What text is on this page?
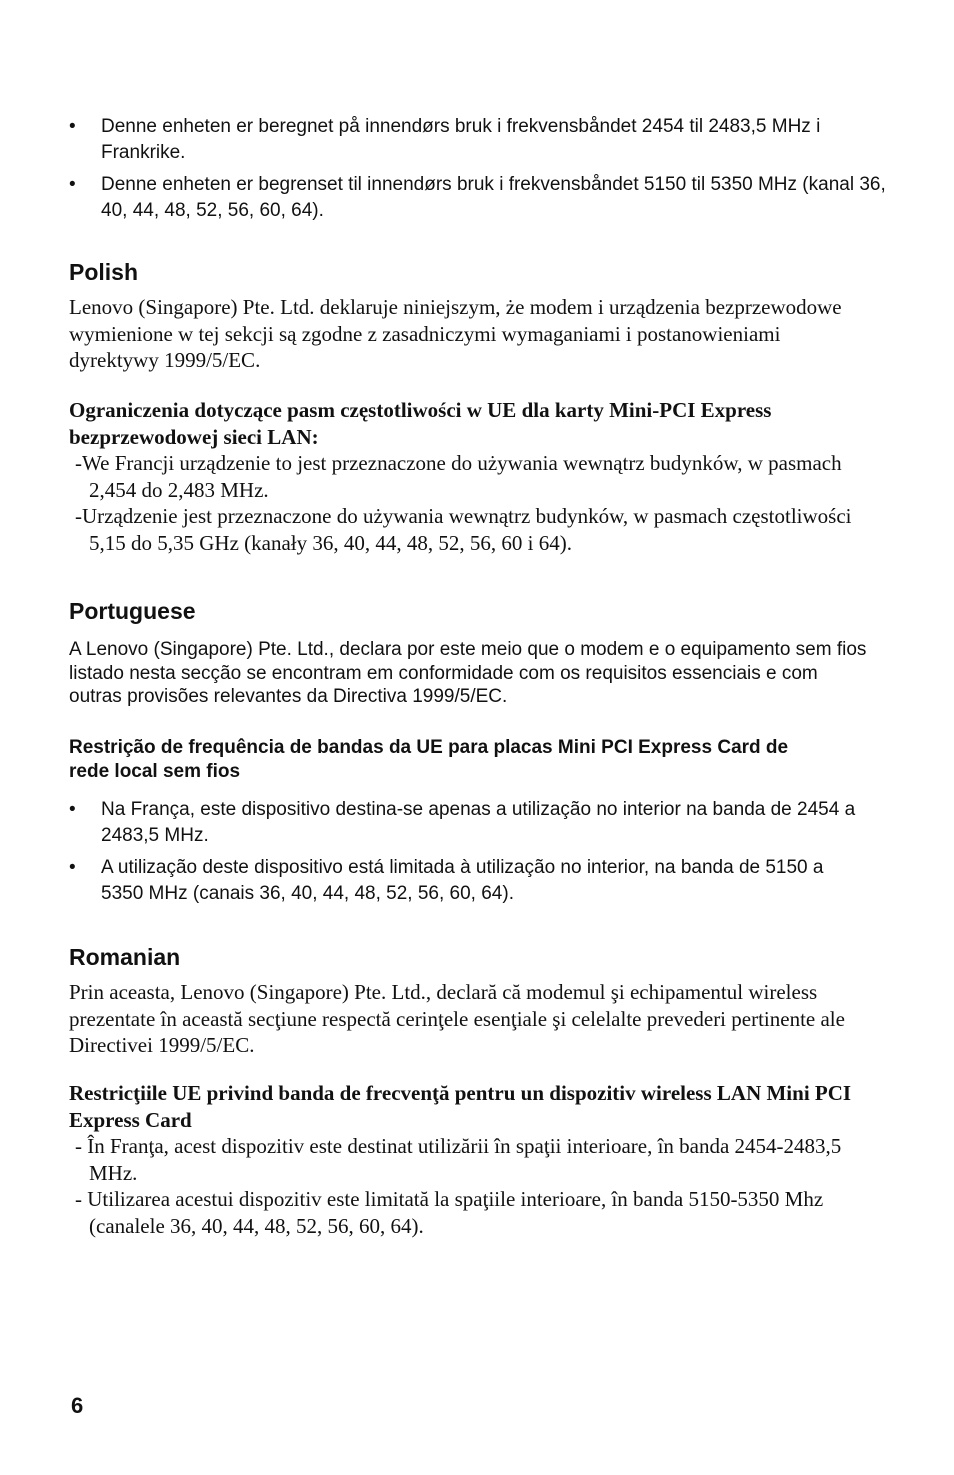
• Denne enheten er beregnet på innendørs bruk i frekvensbåndet 2454 til 2483,5 MHz i Frankrike.
• Denne enheten er begrenset til innendørs bruk i frekvensbåndet 5150 til 5350 MHz (kanal 36, 40, 44, 48, 52, 56, 60, 64).
Polish

Lenovo (Singapore) Pte. Ltd. deklaruje niniejszym, że modem i urządzenia bezprzewodowe wymienione w tej sekcji są zgodne z zasadniczymi wymaganiami i postanowieniami dyrektywy 1999/5/EC.

Ograniczenia dotyczące pasm częstotliwości w UE dla karty Mini-PCI Express bezprzewodowej sieci LAN:

-We Francji urządzenie to jest przeznaczone do używania wewnątrz budynków, w pasmach 2,454 do 2,483 MHz.

-Urządzenie jest przeznaczone do używania wewnątrz budynków, w pasmach częstotliwości 5,15 do 5,35 GHz (kanały 36, 40, 44, 48, 52, 56, 60 i 64).

Portuguese

A Lenovo (Singapore) Pte. Ltd., declara por este meio que o modem e o equipamento sem fios listado nesta secção se encontram em conformidade com os requisitos essenciais e com outras provisões relevantes da Directiva 1999/5/EC.

Restrição de frequência de bandas da UE para placas Mini PCI Express Card de rede local sem fios

• Na França, este dispositivo destina-se apenas a utilização no interior na banda de 2454 a 2483,5 MHz.
• A utilização deste dispositivo está limitada à utilização no interior, na banda de 5150 a 5350 MHz (canais 36, 40, 44, 48, 52, 56, 60, 64).
Romanian

Prin aceasta, Lenovo (Singapore) Pte. Ltd., declară că modemul şi echipamentul wireless prezentate în această secţiune respectă cerinţele esenţiale şi celelalte prevederi pertinente ale Directivei 1999/5/EC.

Restricţiile UE privind banda de frecvenţă pentru un dispozitiv wireless LAN Mini PCI Express Card

- În Franţa, acest dispozitiv este destinat utilizării în spaţii interioare, în banda 2454-2483,5 MHz.

- Utilizarea acestui dispozitiv este limitată la spaţiile interioare, în banda 5150-5350 Mhz (canalele 36, 40, 44, 48, 52, 56, 60, 64).

6
